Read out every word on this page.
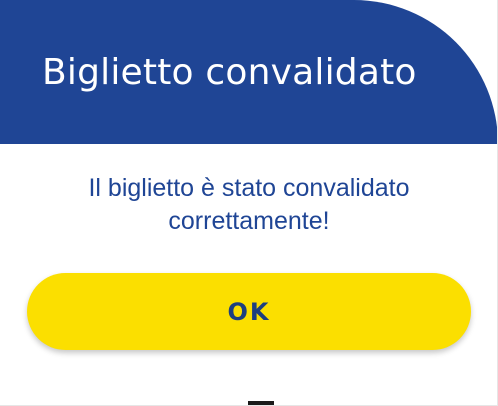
Biglietto convalidato
Il biglietto è stato convalidato
correttamente!
OK
